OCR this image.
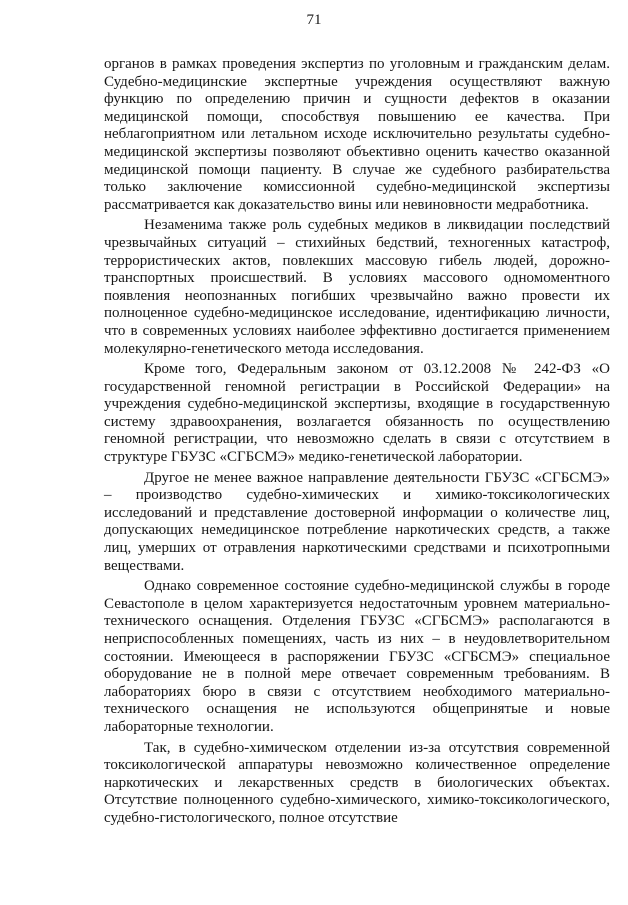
71

органов в рамках проведения экспертиз по уголовным и гражданским делам. Судебно-медицинские экспертные учреждения осуществляют важную функцию по определению причин и сущности дефектов в оказании медицинской помощи, способствуя повышению ее качества. При неблагоприятном или летальном исходе исключительно результаты судебно-медицинской экспертизы позволяют объективно оценить качество оказанной медицинской помощи пациенту. В случае же судебного разбирательства только заключение комиссионной судебно-медицинской экспертизы рассматривается как доказательство вины или невиновности медработника.

Незаменима также роль судебных медиков в ликвидации последствий чрезвычайных ситуаций – стихийных бедствий, техногенных катастроф, террористических актов, повлекших массовую гибель людей, дорожно-транспортных происшествий. В условиях массового одномоментного появления неопознанных погибших чрезвычайно важно провести их полноценное судебно-медицинское исследование, идентификацию личности, что в современных условиях наиболее эффективно достигается применением молекулярно-генетического метода исследования.

Кроме того, Федеральным законом от 03.12.2008 № 242-ФЗ «О государственной геномной регистрации в Российской Федерации» на учреждения судебно-медицинской экспертизы, входящие в государственную систему здравоохранения, возлагается обязанность по осуществлению геномной регистрации, что невозможно сделать в связи с отсутствием в структуре ГБУЗС «СГБСМЭ» медико-генетической лаборатории.

Другое не менее важное направление деятельности ГБУЗС «СГБСМЭ» – производство судебно-химических и химико-токсикологических исследований и представление достоверной информации о количестве лиц, допускающих немедицинское потребление наркотических средств, а также лиц, умерших от отравления наркотическими средствами и психотропными веществами.

Однако современное состояние судебно-медицинской службы в городе Севастополе в целом характеризуется недостаточным уровнем материально-технического оснащения. Отделения ГБУЗС «СГБСМЭ» располагаются в неприспособленных помещениях, часть из них – в неудовлетворительном состоянии. Имеющееся в распоряжении ГБУЗС «СГБСМЭ» специальное оборудование не в полной мере отвечает современным требованиям. В лабораториях бюро в связи с отсутствием необходимого материально-технического оснащения не используются общепринятые и новые лабораторные технологии.

Так, в судебно-химическом отделении из-за отсутствия современной токсикологической аппаратуры невозможно количественное определение наркотических и лекарственных средств в биологических объектах. Отсутствие полноценного судебно-химического, химико-токсикологического, судебно-гистологического, полное отсутствие
